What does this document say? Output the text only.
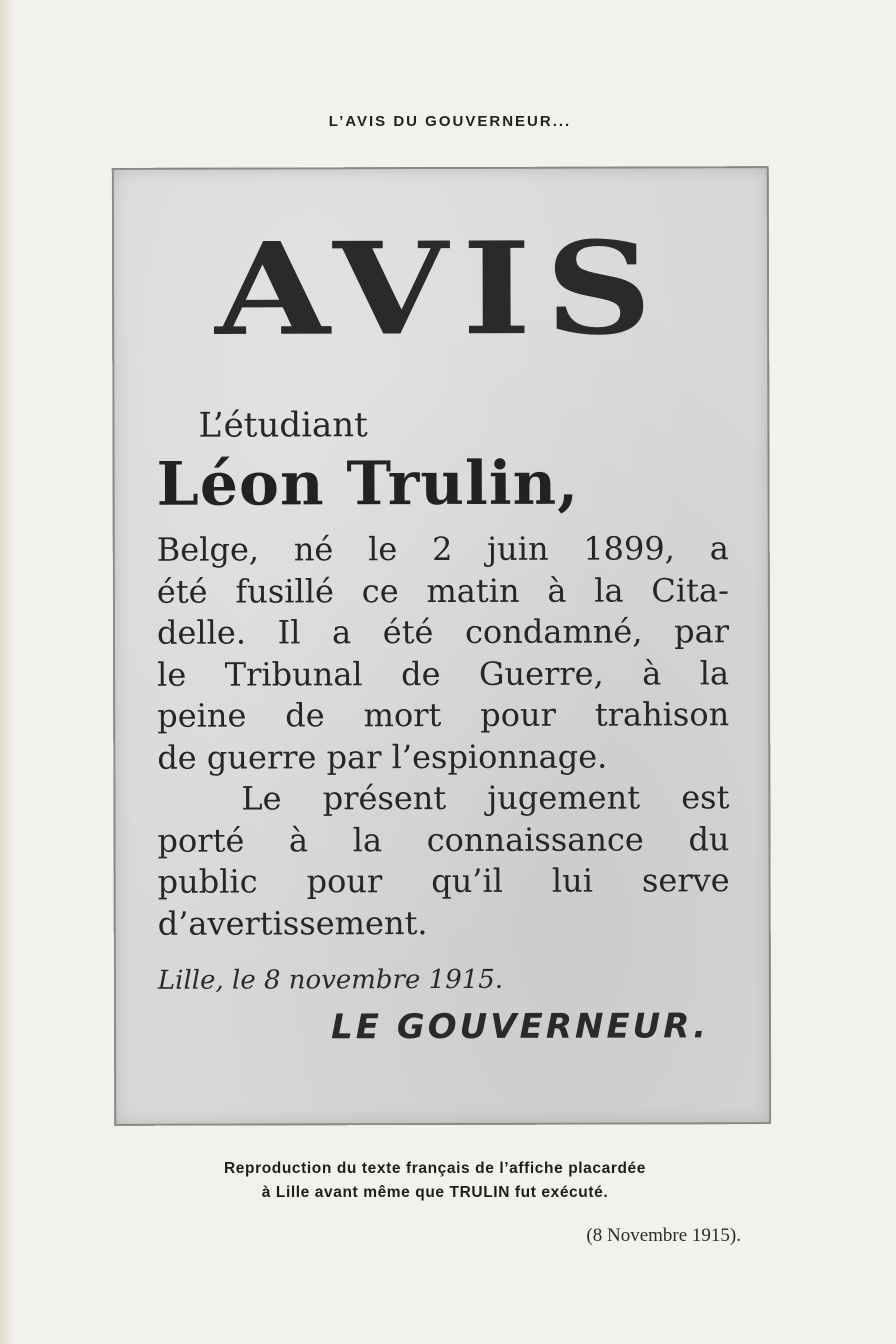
L’AVIS DU GOUVERNEUR...
AVIS
L’étudiant
Léon Trulin,
Belge, né le 2 juin 1899, a
été fusillé ce matin à la Cita-
delle. Il a été condamné, par
le Tribunal de Guerre, à la
peine de mort pour trahison
de guerre par l’espionnage.
Le présent jugement est
porté à la connaissance du
public pour qu’il lui serve
d’avertissement.
Lille, le 8 novembre 1915.
LE GOUVERNEUR.
Reproduction du texte français de l’affiche placardée
à Lille avant même que TRULIN fut exécuté.
(8 Novembre 1915).
